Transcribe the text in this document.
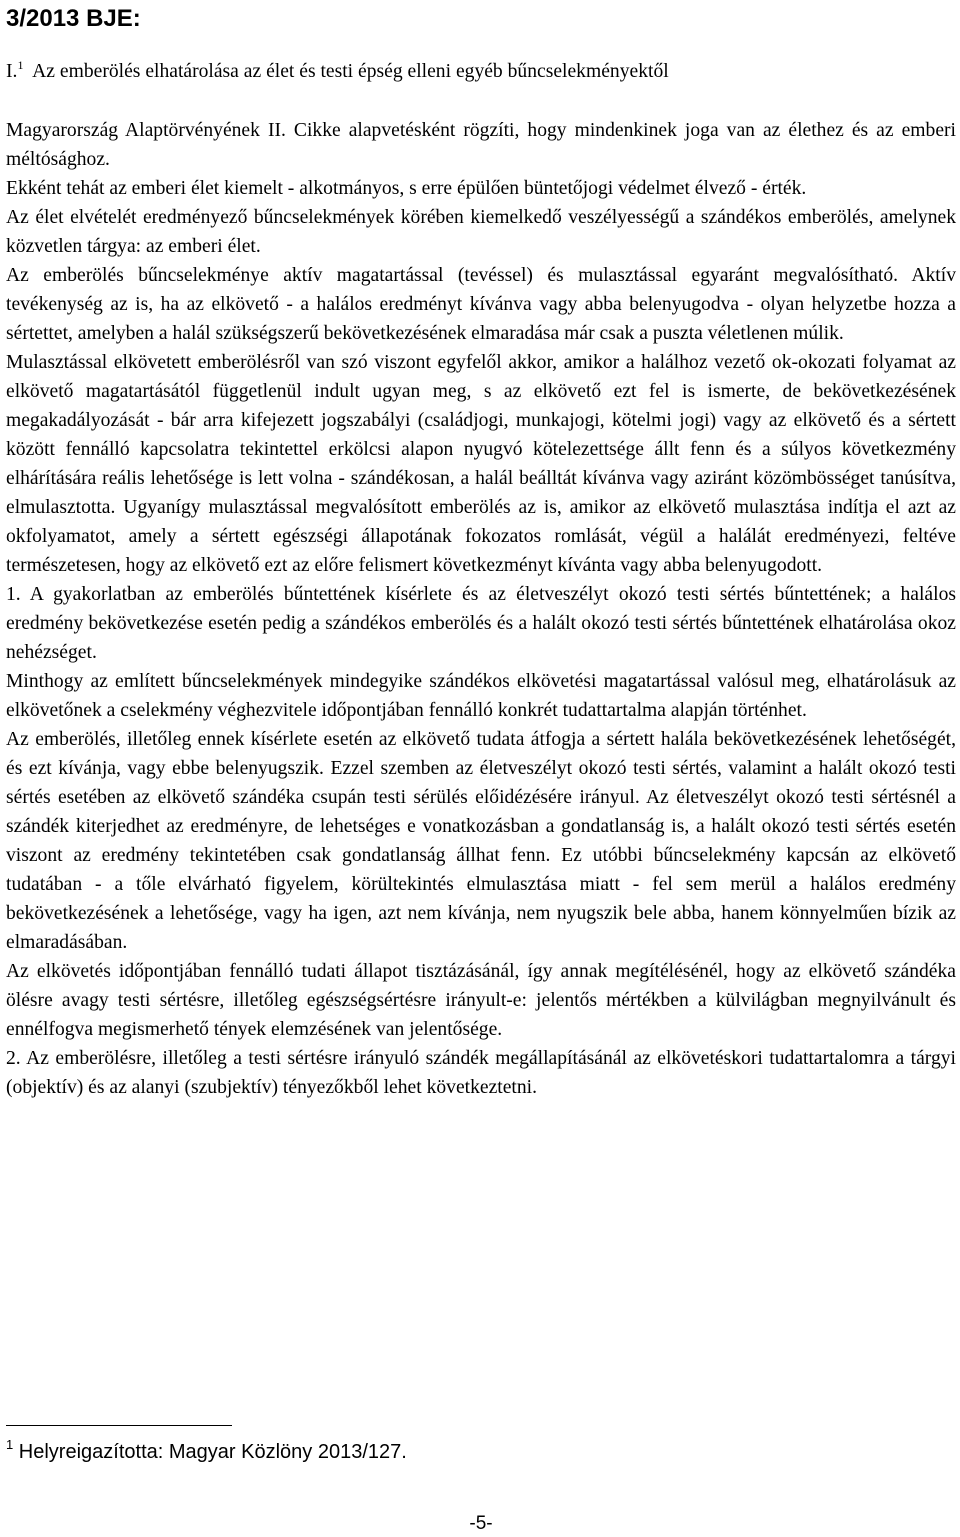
3/2013 BJE:

I.$^1$ Az emberölés elhatárolása az élet és testi épség elleni egyéb bűncselekményektől

Magyarország Alaptörvényének II. Cikke alapvetésként rögzíti, hogy mindenkinek joga van az élethez és az emberi méltósághoz.

Ekként tehát az emberi élet kiemelt - alkotmányos, s erre épülően büntetőjogi védelmet élvező - érték.

Az élet elvételét eredményező bűncselekmények körében kiemelkedő veszélyességű a szándékos emberölés, amelynek közvetlen tárgya: az emberi élet.

Az emberölés bűncselekménye aktív magatartással (tevéssel) és mulasztással egyaránt megvalósítható. Aktív tevékenység az is, ha az elkövető - a halálos eredményt kívánva vagy abba belenyugodva - olyan helyzetbe hozza a sértettet, amelyben a halál szükségszerű bekövetkezésének elmaradása már csak a puszta véletlenen múlik.

Mulasztással elkövetett emberölésről van szó viszont egyfelől akkor, amikor a halálhoz vezető ok-okozati folyamat az elkövető magatartásától függetlenül indult ugyan meg, s az elkövető ezt fel is ismerte, de bekövetkezésének megakadályozását - bár arra kifejezett jogszabályi (családjogi, munkajogi, kötelmi jogi) vagy az elkövető és a sértett között fennálló kapcsolatra tekintettel erkölcsi alapon nyugvó kötelezettsége állt fenn és a súlyos következmény elhárítására reális lehetősége is lett volna - szándékosan, a halál beálltát kívánva vagy aziránt közömbösséget tanúsítva, elmulasztotta. Ugyanígy mulasztással megvalósított emberölés az is, amikor az elkövető mulasztása indítja el azt az okfolyamatot, amely a sértett egészségi állapotának fokozatos romlását, végül a halálát eredményezi, feltéve természetesen, hogy az elkövető ezt az előre felismert következményt kívánta vagy abba belenyugodott.

1. A gyakorlatban az emberölés bűntettének kísérlete és az életveszélyt okozó testi sértés bűntettének; a halálos eredmény bekövetkezése esetén pedig a szándékos emberölés és a halált okozó testi sértés bűntettének elhatárolása okoz nehézséget.

Minthogy az említett bűncselekmények mindegyike szándékos elkövetési magatartással valósul meg, elhatárolásuk az elkövetőnek a cselekmény véghezvitele időpontjában fennálló konkrét tudattartalma alapján történhet.

Az emberölés, illetőleg ennek kísérlete esetén az elkövető tudata átfogja a sértett halála bekövetkezésének lehetőségét, és ezt kívánja, vagy ebbe belenyugszik. Ezzel szemben az életveszélyt okozó testi sértés, valamint a halált okozó testi sértés esetében az elkövető szándéka csupán testi sérülés előidézésére irányul. Az életveszélyt okozó testi sértésnél a szándék kiterjedhet az eredményre, de lehetséges e vonatkozásban a gondatlanság is, a halált okozó testi sértés esetén viszont az eredmény tekintetében csak gondatlanság állhat fenn. Ez utóbbi bűncselekmény kapcsán az elkövető tudatában - a tőle elvárható figyelem, körültekintés elmulasztása miatt - fel sem merül a halálos eredmény bekövetkezésének a lehetősége, vagy ha igen, azt nem kívánja, nem nyugszik bele abba, hanem könnyelműen bízik az elmaradásában.

Az elkövetés időpontjában fennálló tudati állapot tisztázásánál, így annak megítélésénél, hogy az elkövető szándéka ölésre avagy testi sértésre, illetőleg egészségsértésre irányult-e: jelentős mértékben a külvilágban megnyilvánult és ennélfogva megismerhető tények elemzésének van jelentősége.

2. Az emberölésre, illetőleg a testi sértésre irányuló szándék megállapításánál az elkövetéskori tudattartalomra a tárgyi (objektív) és az alanyi (szubjektív) tényezőkből lehet következtetni.

$^1$ Helyreigazította: Magyar Közlöny 2013/127.

-5-
